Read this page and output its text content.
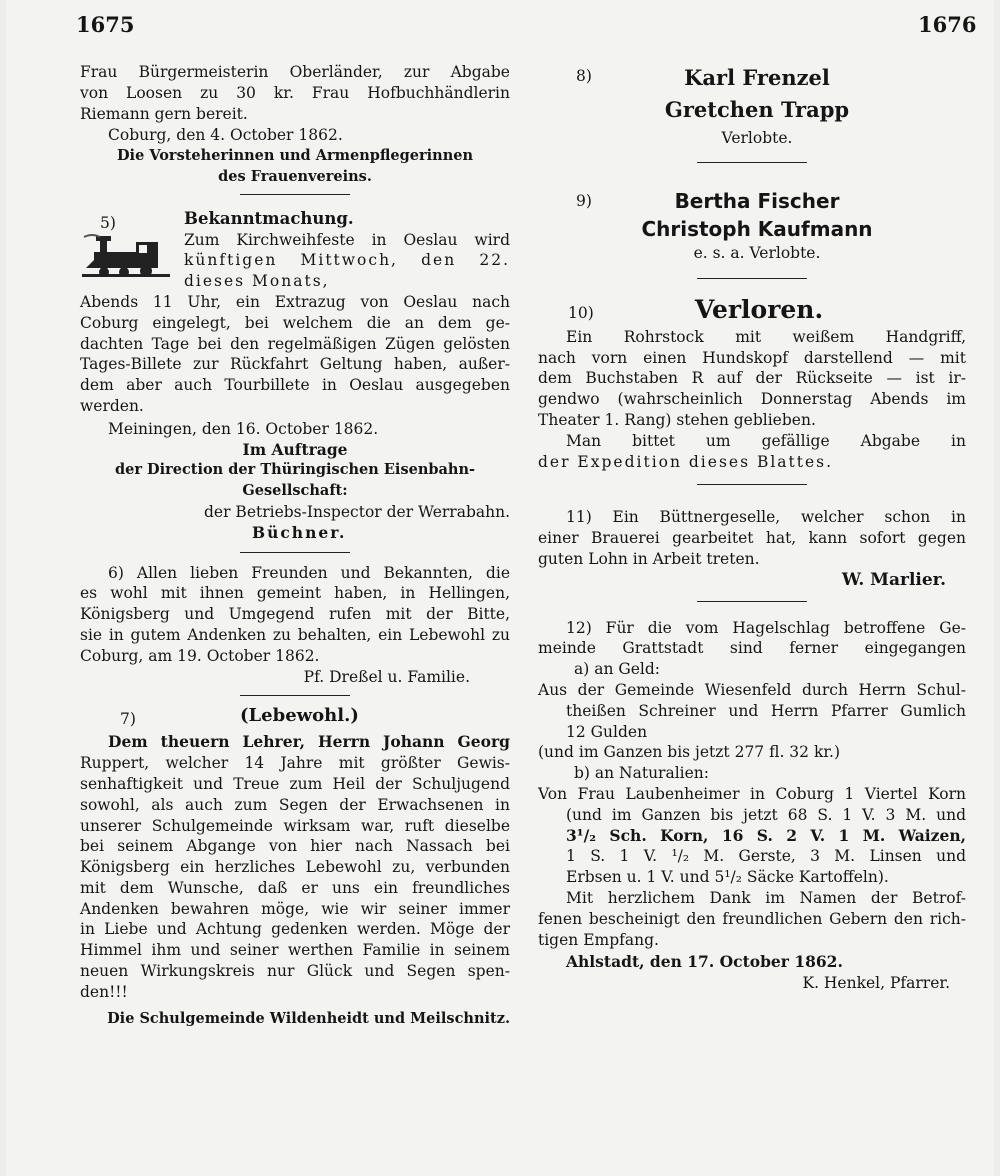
1675	1676

Frau Bürgermeisterin Oberländer, zur Abgabe

von Loosen zu 30 kr. Frau Hofbuchhändlerin

Riemann gern bereit.

Coburg, den 4. October 1862.

Die Vorsteherinnen und Armenpflegerinnen

des Frauenvereins.

5)	Bekanntmachung.

Zum Kirchweihfeste in Oeslau wird

künftigen Mittwoch, den 22.

dieses Monats,

Abends 11 Uhr, ein Extrazug von Oeslau nach

Coburg eingelegt, bei welchem die an dem ge-

dachten Tage bei den regelmäßigen Zügen gelösten

Tages-Billete zur Rückfahrt Geltung haben, außer-

dem aber auch Tourbillete in Oeslau ausgegeben

werden.

Meiningen, den 16. October 1862.

Im Auftrage

der Direction der Thüringischen Eisenbahn-Gesellschaft:

der Betriebs-Inspector der Werrabahn.

Büchner.

6) Allen lieben Freunden und Bekannten, die

es wohl mit ihnen gemeint haben, in Hellingen,

Königsberg und Umgegend rufen mit der Bitte,

sie in gutem Andenken zu behalten, ein Lebewohl zu

Coburg, am 19. October 1862.

Pf. Dreßel u. Familie.

7)	(Lebewohl.)

Dem theuern Lehrer, Herrn Johann Georg

Ruppert, welcher 14 Jahre mit größter Gewis-

senhaftigkeit und Treue zum Heil der Schuljugend

sowohl, als auch zum Segen der Erwachsenen in

unserer Schulgemeinde wirksam war, ruft dieselbe

bei seinem Abgange von hier nach Nassach bei

Königsberg ein herzliches Lebewohl zu, verbunden

mit dem Wunsche, daß er uns ein freundliches

Andenken bewahren möge, wie wir seiner immer

in Liebe und Achtung gedenken werden. Möge der

Himmel ihm und seiner werthen Familie in seinem

neuen Wirkungskreis nur Glück und Segen spen-

den!!!

Die Schulgemeinde Wildenheidt und Meilschnitz.

8)	Karl Frenzel

Gretchen Trapp

Verlobte.

9)	Bertha Fischer

Christoph Kaufmann

e. s. a. Verlobte.

10)	Verloren.

Ein Rohrstock mit weißem Handgriff,

nach vorn einen Hundskopf darstellend — mit

dem Buchstaben R auf der Rückseite — ist ir-

gendwo (wahrscheinlich Donnerstag Abends im

Theater 1. Rang) stehen geblieben.

Man bittet um gefällige Abgabe in

der Expedition dieses Blattes.

11) Ein Büttnergeselle, welcher schon in

einer Brauerei gearbeitet hat, kann sofort gegen

guten Lohn in Arbeit treten.

W. Marlier.

12) Für die vom Hagelschlag betroffene Ge-

meinde Grattstadt sind ferner eingegangen

a) an Geld:

Aus der Gemeinde Wiesenfeld durch Herrn Schul-

theißen Schreiner und Herrn Pfarrer Gumlich

12 Gulden

(und im Ganzen bis jetzt 277 fl. 32 kr.)

b) an Naturalien:

Von Frau Laubenheimer in Coburg 1 Viertel Korn

(und im Ganzen bis jetzt 68 S. 1 V. 3 M. und

3¹/₂ Sch. Korn, 16 S. 2 V. 1 M. Waizen,

1 S. 1 V. ¹/₂ M. Gerste, 3 M. Linsen und

Erbsen u. 1 V. und 5¹/₂ Säcke Kartoffeln).

Mit herzlichem Dank im Namen der Betrof-

fenen bescheinigt den freundlichen Gebern den rich-

tigen Empfang.

Ahlstadt, den 17. October 1862.

K. Henkel, Pfarrer.
